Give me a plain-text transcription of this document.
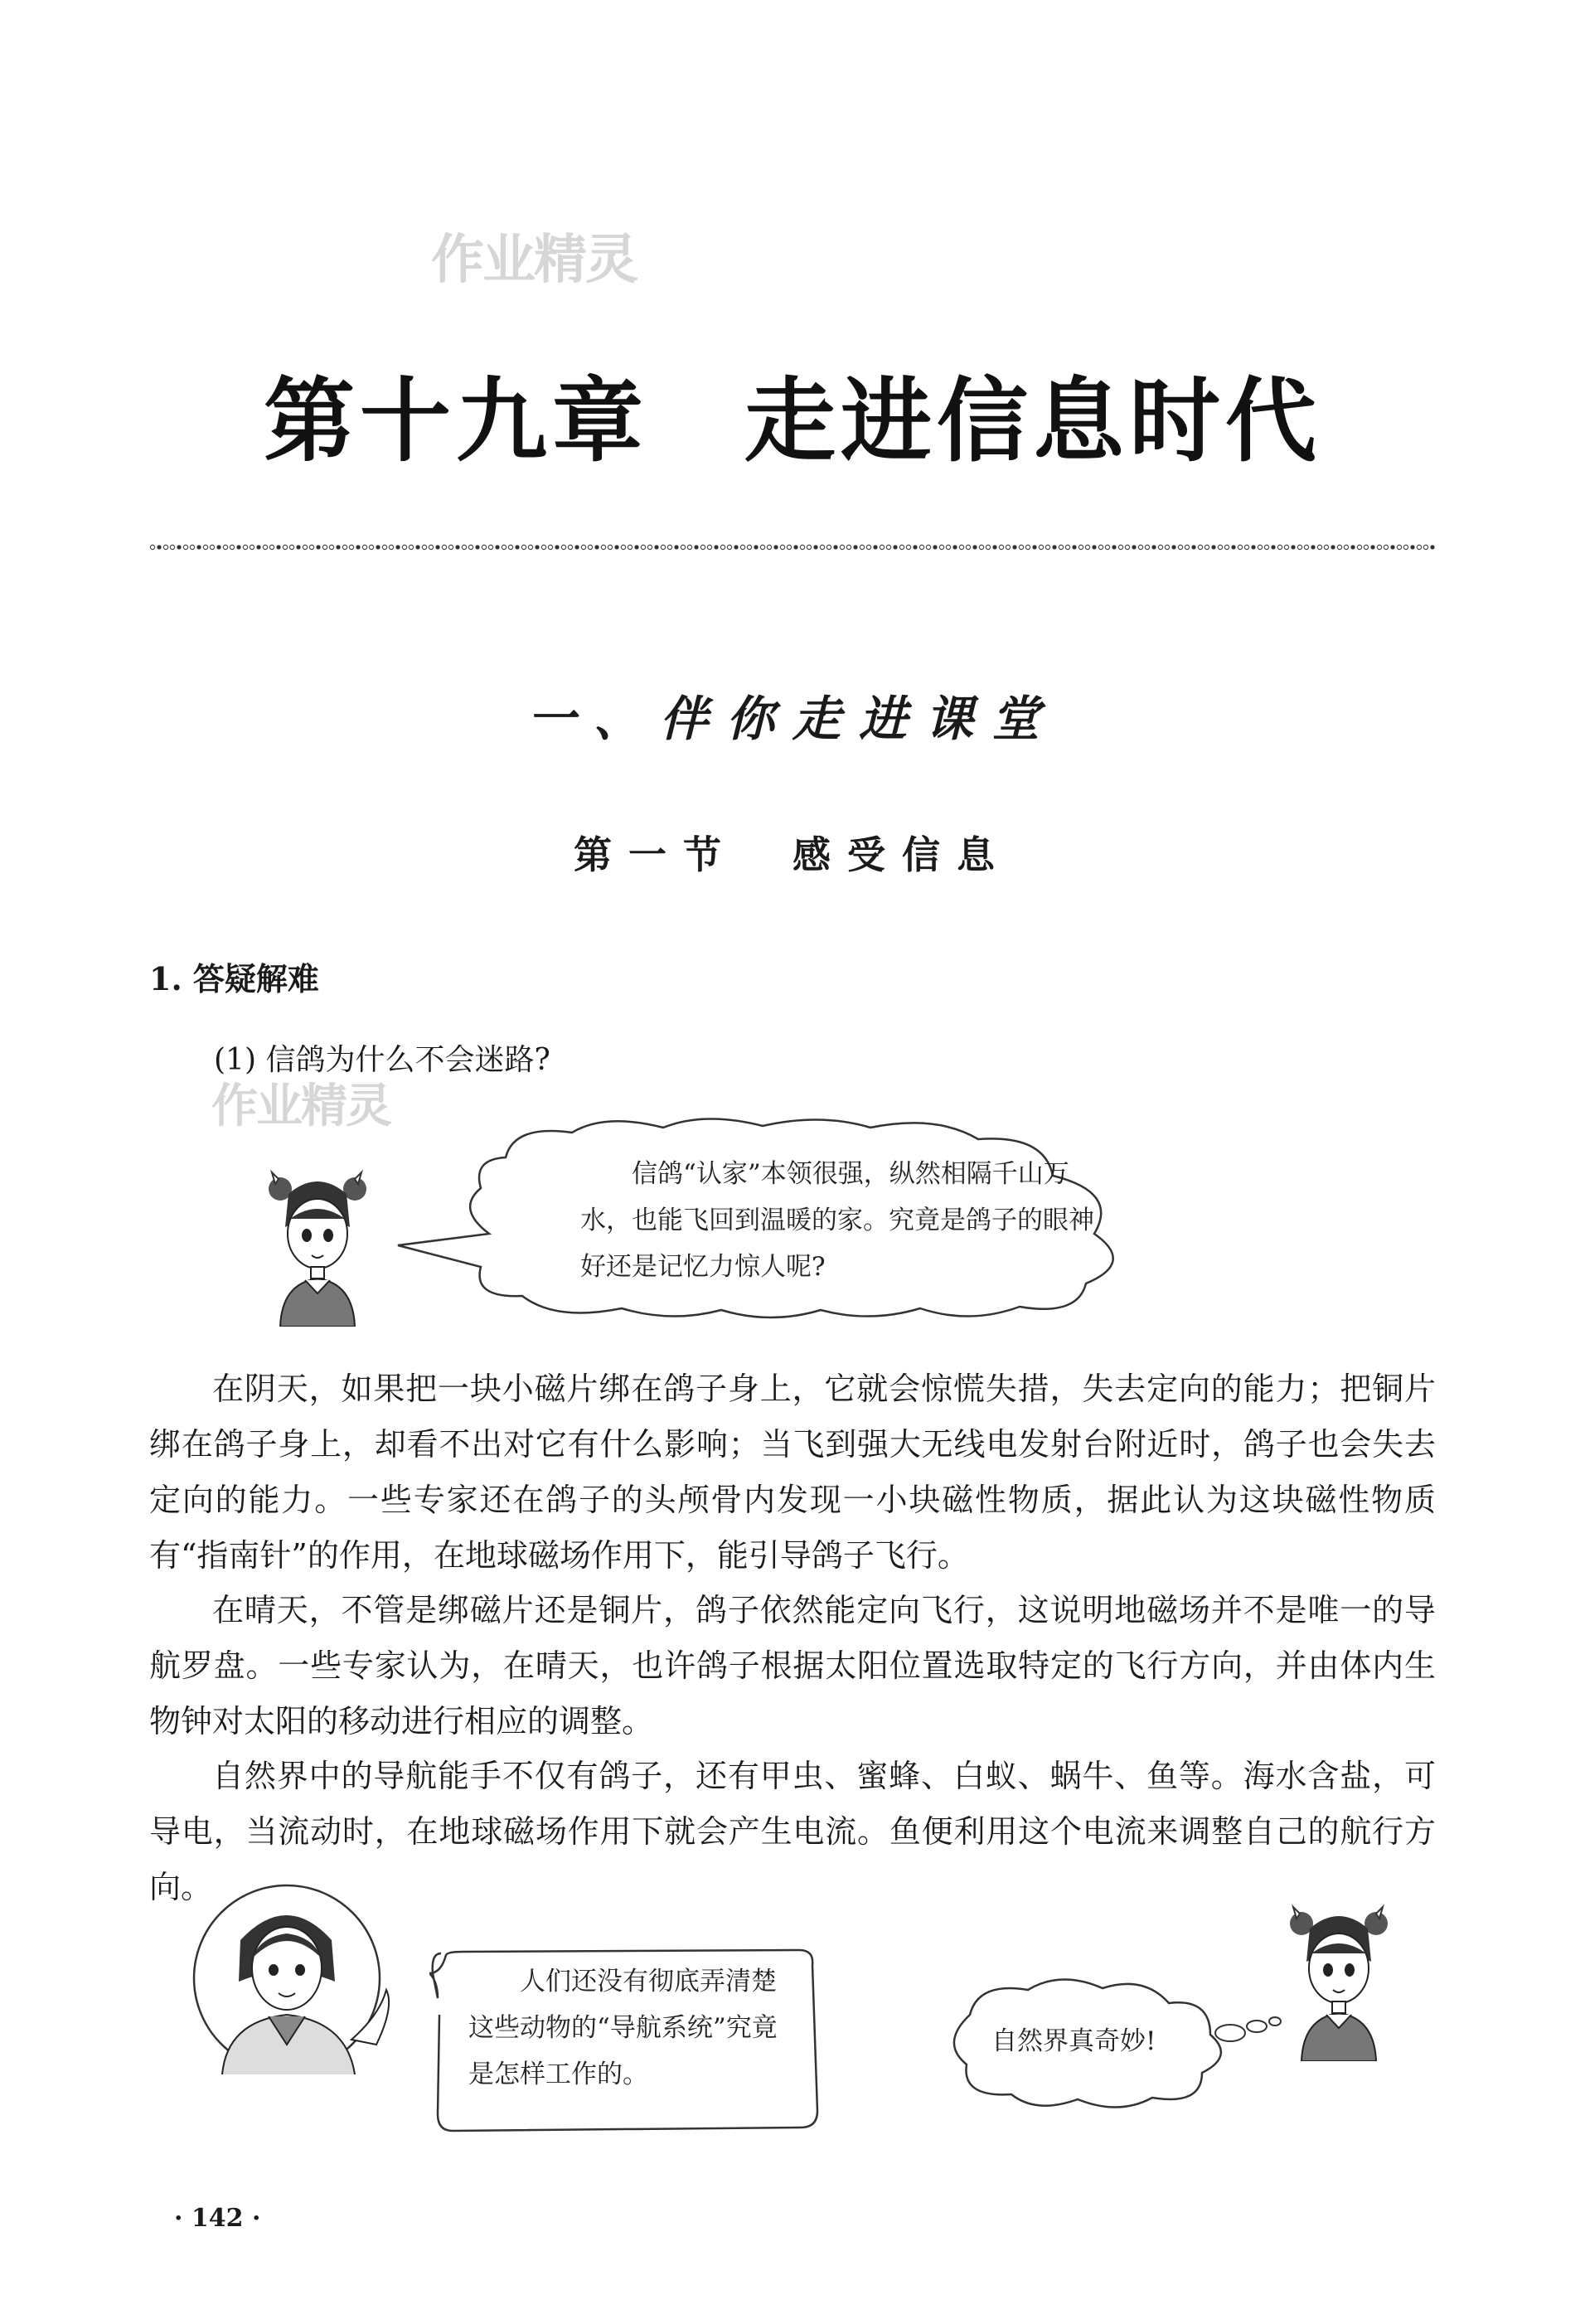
作业精灵
作业精灵
第十九章　走进信息时代
一、伴你走进课堂
第一节　感受信息
1. 答疑解难
(1) 信鸽为什么不会迷路?
信鸽“认家”本领很强，纵然相隔千山万水，也能飞回到温暖的家。究竟是鸽子的眼神好还是记忆力惊人呢?

在阴天，如果把一块小磁片绑在鸽子身上，它就会惊慌失措，失去定向的能力；把铜片绑在鸽子身上，却看不出对它有什么影响；当飞到强大无线电发射台附近时，鸽子也会失去定向的能力。一些专家还在鸽子的头颅骨内发现一小块磁性物质，据此认为这块磁性物质有“指南针”的作用，在地球磁场作用下，能引导鸽子飞行。

在晴天，不管是绑磁片还是铜片，鸽子依然能定向飞行，这说明地磁场并不是唯一的导航罗盘。一些专家认为，在晴天，也许鸽子根据太阳位置选取特定的飞行方向，并由体内生物钟对太阳的移动进行相应的调整。

自然界中的导航能手不仅有鸽子，还有甲虫、蜜蜂、白蚁、蜗牛、鱼等。海水含盐，可导电，当流动时，在地球磁场作用下就会产生电流。鱼便利用这个电流来调整自己的航行方向。

人们还没有彻底弄清楚这些动物的“导航系统”究竟是怎样工作的。
自然界真奇妙!
· 142 ·
